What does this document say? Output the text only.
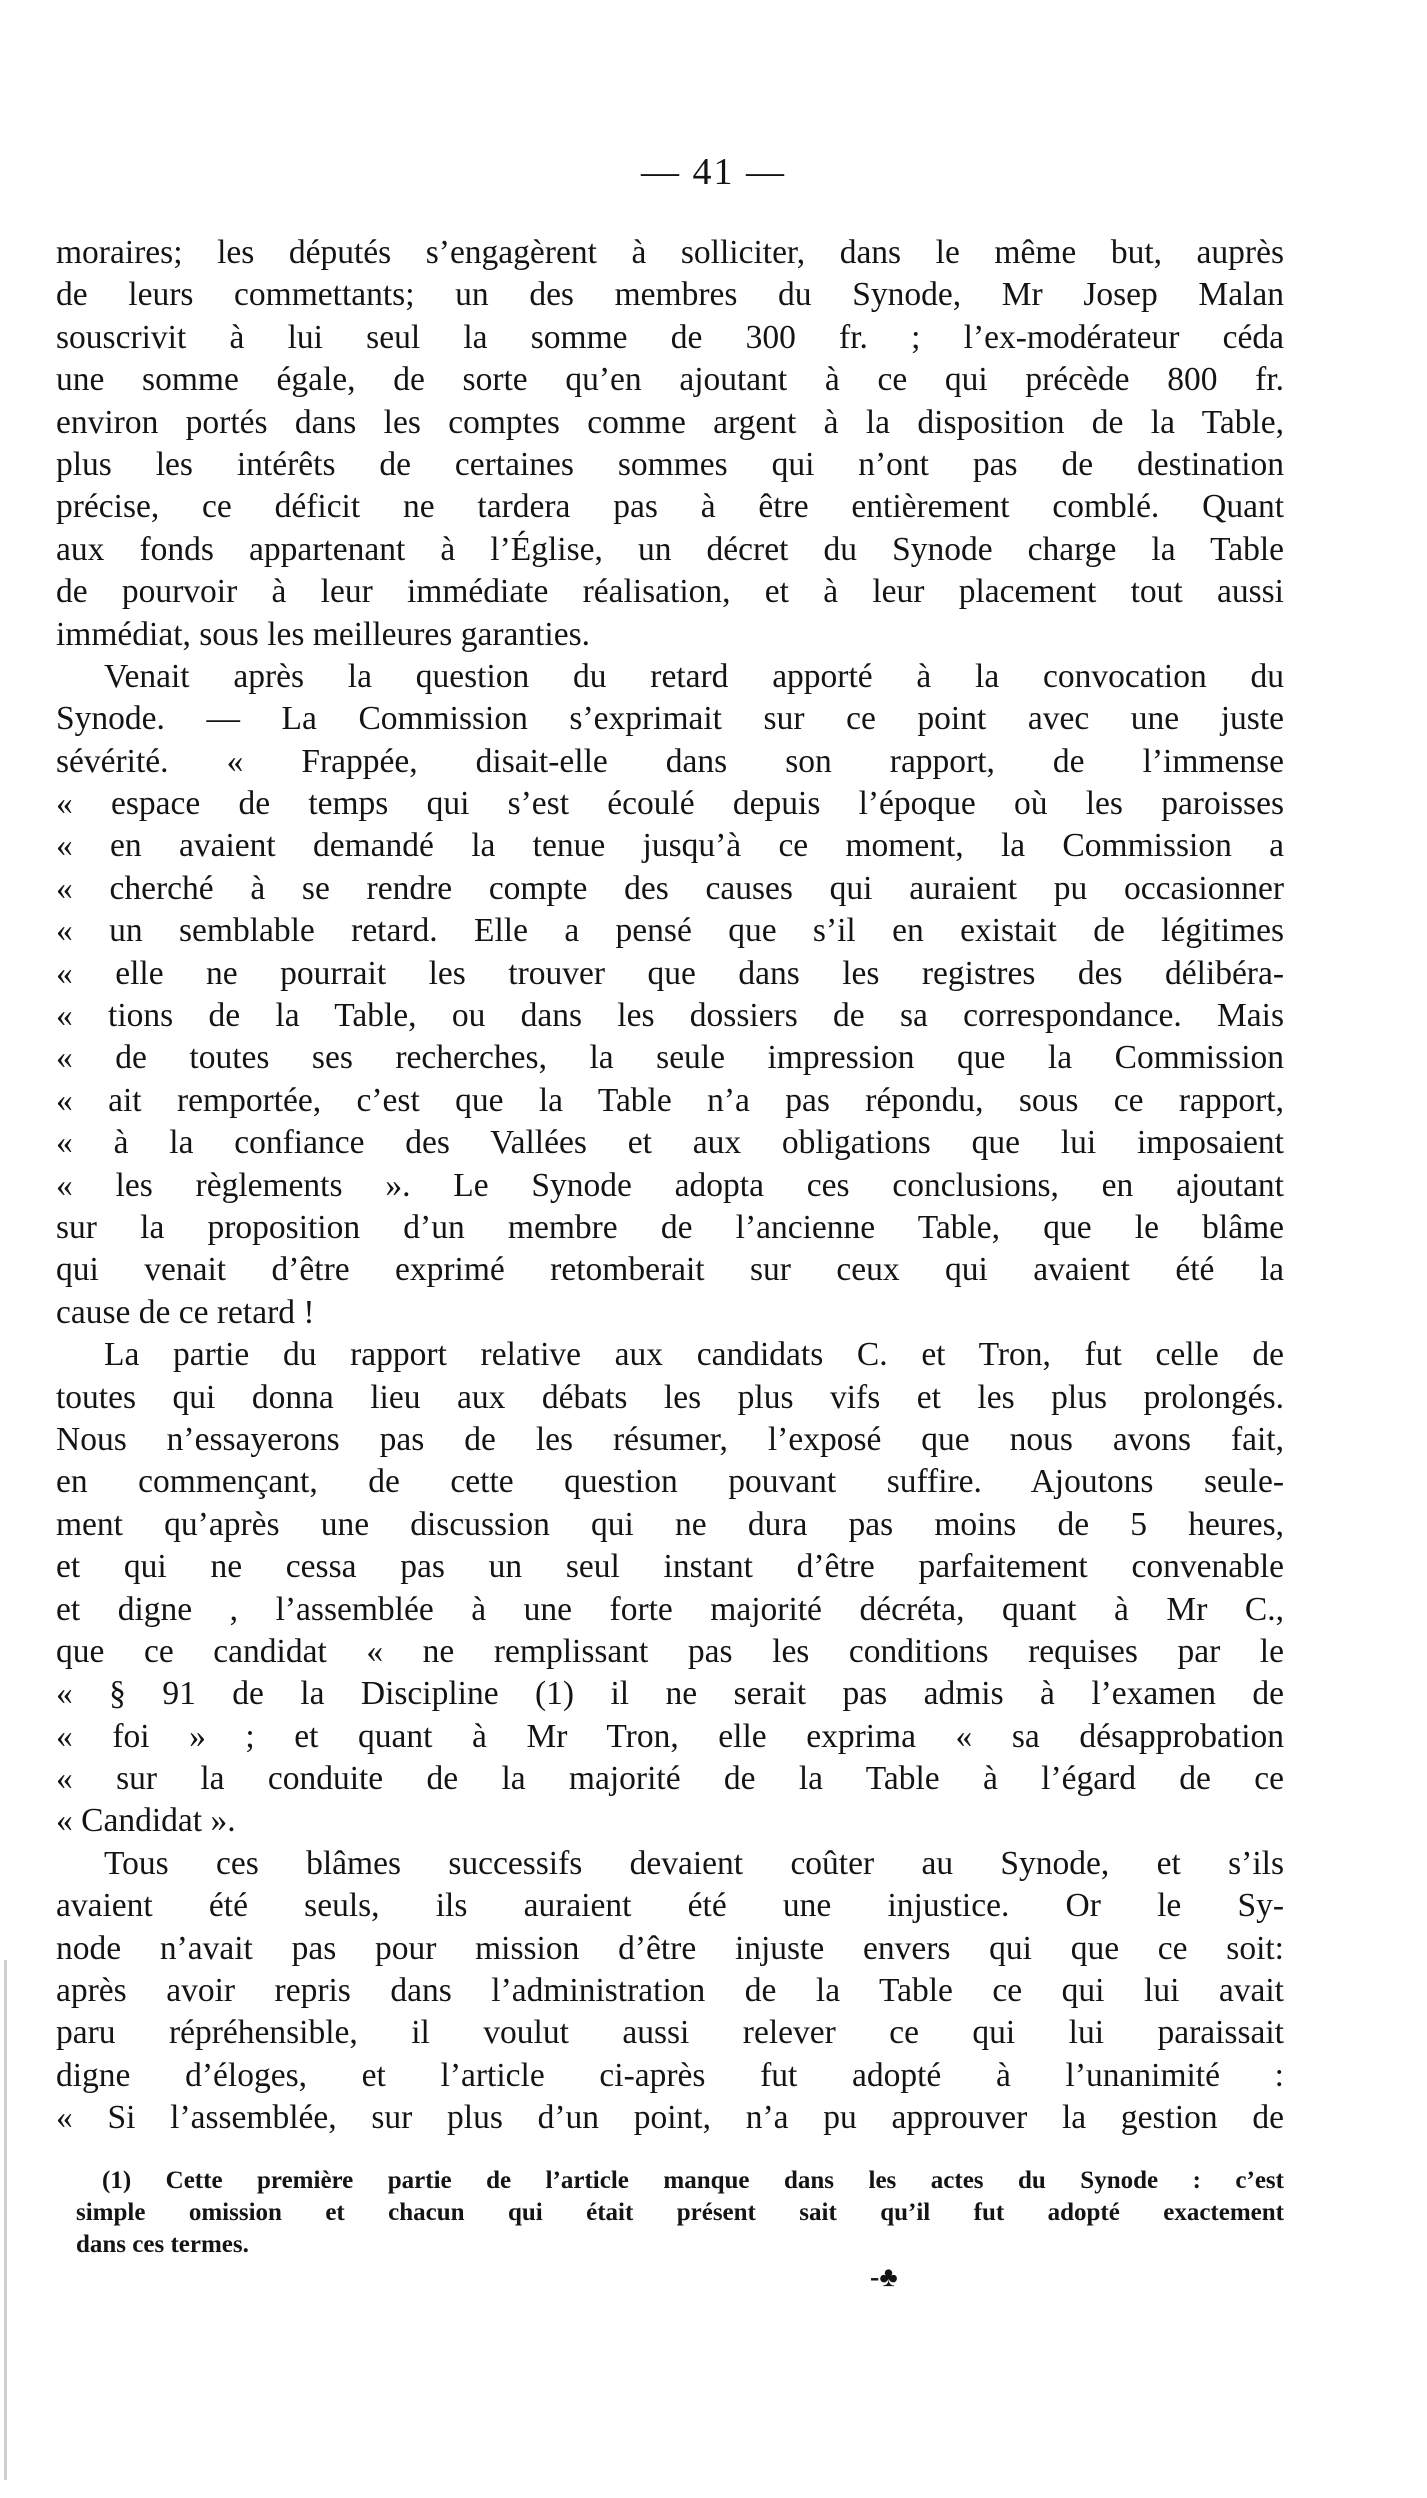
— 41 —
moraires; les députés s’engagèrent à solliciter, dans le même but, auprès
de leurs commettants; un des membres du Synode, Mr Josep Malan
souscrivit à lui seul la somme de 300 fr. ; l’ex-modérateur céda
une somme égale, de sorte qu’en ajoutant à ce qui précède 800 fr.
environ portés dans les comptes comme argent à la disposition de la Table,
plus les intérêts de certaines sommes qui n’ont pas de destination
précise, ce déficit ne tardera pas à être entièrement comblé. Quant
aux fonds appartenant à l’Église, un décret du Synode charge la Table
de pourvoir à leur immédiate réalisation, et à leur placement tout aussi
immédiat, sous les meilleures garanties.
Venait après la question du retard apporté à la convocation du
Synode. — La Commission s’exprimait sur ce point avec une juste
sévérité. « Frappée, disait-elle dans son rapport, de l’immense
« espace de temps qui s’est écoulé depuis l’époque où les paroisses
« en avaient demandé la tenue jusqu’à ce moment, la Commission a
« cherché à se rendre compte des causes qui auraient pu occasionner
« un semblable retard. Elle a pensé que s’il en existait de légitimes
« elle ne pourrait les trouver que dans les registres des délibéra-
« tions de la Table, ou dans les dossiers de sa correspondance. Mais
« de toutes ses recherches, la seule impression que la Commission
« ait remportée, c’est que la Table n’a pas répondu, sous ce rapport,
« à la confiance des Vallées et aux obligations que lui imposaient
« les règlements ». Le Synode adopta ces conclusions, en ajoutant
sur la proposition d’un membre de l’ancienne Table, que le blâme
qui venait d’être exprimé retomberait sur ceux qui avaient été la
cause de ce retard !
La partie du rapport relative aux candidats C. et Tron, fut celle de
toutes qui donna lieu aux débats les plus vifs et les plus prolongés.
Nous n’essayerons pas de les résumer, l’exposé que nous avons fait,
en commençant, de cette question pouvant suffire. Ajoutons seule-
ment qu’après une discussion qui ne dura pas moins de 5 heures,
et qui ne cessa pas un seul instant d’être parfaitement convenable
et digne , l’assemblée à une forte majorité décréta, quant à Mr C.,
que ce candidat « ne remplissant pas les conditions requises par le
« § 91 de la Discipline (1) il ne serait pas admis à l’examen de
« foi » ; et quant à Mr Tron, elle exprima « sa désapprobation
« sur la conduite de la majorité de la Table à l’égard de ce
« Candidat ».
Tous ces blâmes successifs devaient coûter au Synode, et s’ils
avaient été seuls, ils auraient été une injustice. Or le Sy-
node n’avait pas pour mission d’être injuste envers qui que ce soit:
après avoir repris dans l’administration de la Table ce qui lui avait
paru répréhensible, il voulut aussi relever ce qui lui paraissait
digne d’éloges, et l’article ci-après fut adopté à l’unanimité :
« Si l’assemblée, sur plus d’un point, n’a pu approuver la gestion de
(1) Cette première partie de l’article manque dans les actes du Synode : c’est
simple omission et chacun qui était présent sait qu’il fut adopté exactement
dans ces termes.
-♣
